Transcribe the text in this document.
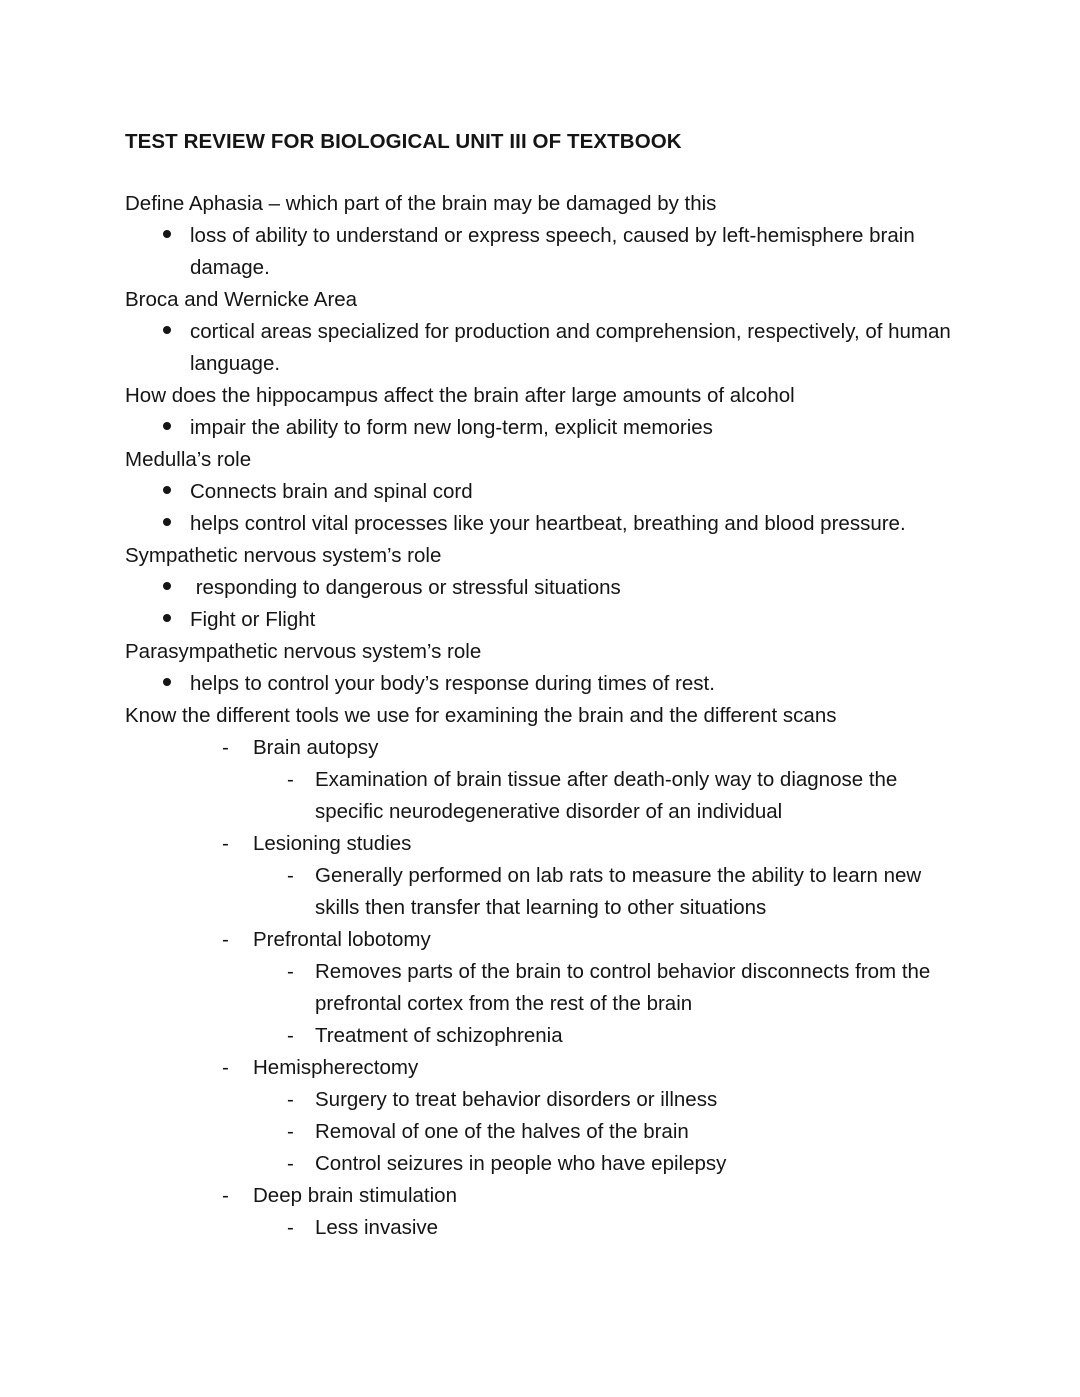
TEST REVIEW FOR BIOLOGICAL UNIT III OF TEXTBOOK

Define Aphasia – which part of the brain may be damaged by this

loss of ability to understand or express speech, caused by left-hemisphere brain damage.

Broca and Wernicke Area

cortical areas specialized for production and comprehension, respectively, of human language.

How does the hippocampus affect the brain after large amounts of alcohol

impair the ability to form new long-term, explicit memories

Medulla’s role

Connects brain and spinal cord

helps control vital processes like your heartbeat, breathing and blood pressure.

Sympathetic nervous system’s role

responding to dangerous or stressful situations

Fight or Flight

Parasympathetic nervous system’s role

helps to control your body’s response during times of rest.

Know the different tools we use for examining the brain and the different scans

- Brain autopsy

- Examination of brain tissue after death-only way to diagnose the specific neurodegenerative disorder of an individual

- Lesioning studies

- Generally performed on lab rats to measure the ability to learn new skills then transfer that learning to other situations

- Prefrontal lobotomy

- Removes parts of the brain to control behavior disconnects from the prefrontal cortex from the rest of the brain

- Treatment of schizophrenia

- Hemispherectomy

- Surgery to treat behavior disorders or illness

- Removal of one of the halves of the brain

- Control seizures in people who have epilepsy

- Deep brain stimulation

- Less invasive
